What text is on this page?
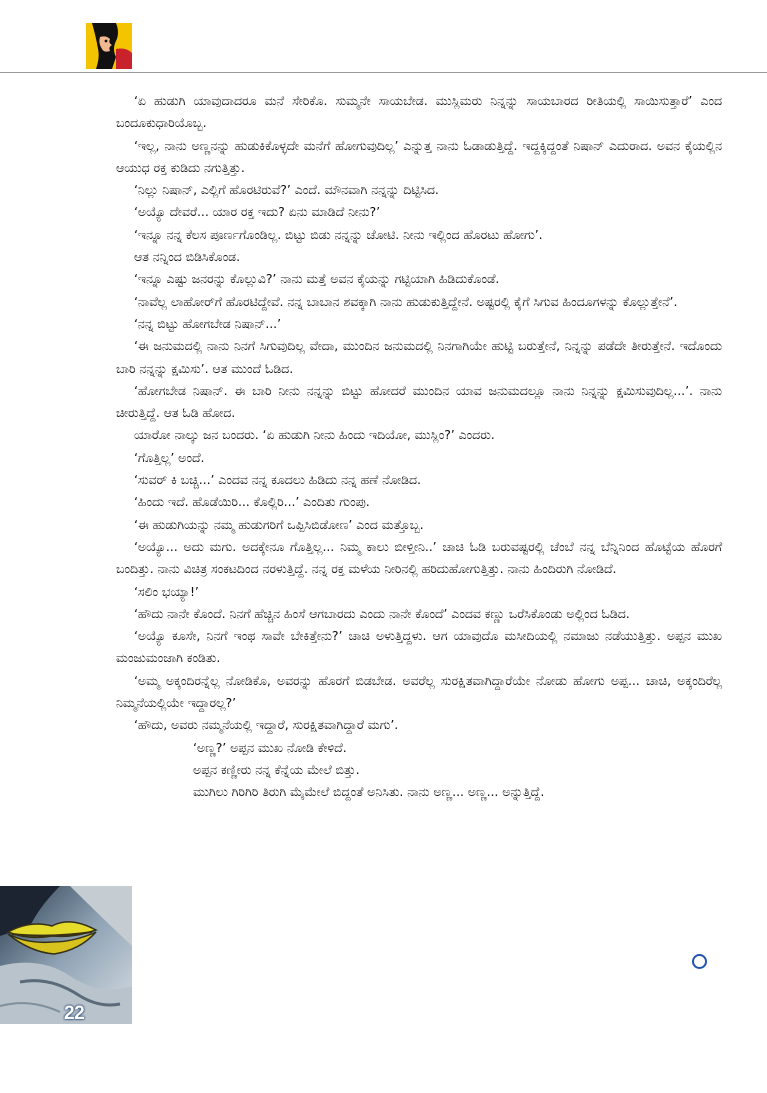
‘ಏ ಹುಡುಗಿ ಯಾವುದಾದರೂ ಮನೆ ಸೇರಿಕೊ. ಸುಮ್ಮನೇ ಸಾಯಬೇಡ. ಮುಸ್ಲಿಮರು ನಿನ್ನನ್ನು ಸಾಯಬಾರದ ರೀತಿಯಲ್ಲಿ ಸಾಯಿಸುತ್ತಾರೆ’ ಎಂದ ಬಂದೂಕುಧಾರಿಯೊಬ್ಬ.

‘ಇಲ್ಲ, ನಾನು ಅಣ್ಣನನ್ನು ಹುಡುಕಿಕೊಳ್ಳದೇ ಮನೆಗೆ ಹೋಗುವುದಿಲ್ಲ’ ಎನ್ನುತ್ತ ನಾನು ಓಡಾಡುತ್ತಿದ್ದೆ. ಇದ್ದಕ್ಕಿದ್ದಂತೆ ನಿಷಾನ್ ಎದುರಾದ. ಅವನ ಕೈಯಲ್ಲಿನ ಆಯುಧ ರಕ್ತ ಕುಡಿದು ನಗುತ್ತಿತ್ತು.

‘ನಿಲ್ಲು ನಿಷಾನ್, ಎಲ್ಲಿಗೆ ಹೊರಟಿರುವೆ?’ ಎಂದೆ. ಮೌನವಾಗಿ ನನ್ನನ್ನು ದಿಟ್ಟಿಸಿದ.

‘ಅಯ್ಯೊ ದೇವರೆ... ಯಾರ ರಕ್ತ ಇದು? ಏನು ಮಾಡಿದೆ ನೀನು?’

‘ಇನ್ನೂ ನನ್ನ ಕೆಲಸ ಪೂರ್ಣಗೊಂಡಿಲ್ಲ. ಬಿಟ್ಟು ಬಿಡು ನನ್ನನ್ನು ಚೋಟಿ. ನೀನು ಇಲ್ಲಿಂದ ಹೊರಟು ಹೋಗು’.

ಆತ ನನ್ನಿಂದ ಬಿಡಿಸಿಕೊಂಡ.

‘ಇನ್ನೂ ಎಷ್ಟು ಜನರನ್ನು ಕೊಲ್ಲುವಿ?’ ನಾನು ಮತ್ತೆ ಅವನ ಕೈಯನ್ನು ಗಟ್ಟಿಯಾಗಿ ಹಿಡಿದುಕೊಂಡೆ.

‘ನಾವೆಲ್ಲ ಲಾಹೋರ್‌ಗೆ ಹೊರಟಿದ್ದೇವೆ. ನನ್ನ ಬಾಬಾನ ಶವಕ್ಕಾಗಿ ನಾನು ಹುಡುಕುತ್ತಿದ್ದೇನೆ. ಅಷ್ಟರಲ್ಲಿ ಕೈಗೆ ಸಿಗುವ ಹಿಂದೂಗಳನ್ನು ಕೊಲ್ಲುತ್ತೇನೆ’.

‘ನನ್ನ ಬಿಟ್ಟು ಹೋಗಬೇಡ ನಿಷಾನ್...’

‘ಈ ಜನುಮದಲ್ಲಿ ನಾನು ನಿನಗೆ ಸಿಗುವುದಿಲ್ಲ ವೇದಾ, ಮುಂದಿನ ಜನುಮದಲ್ಲಿ ನಿನಗಾಗಿಯೇ ಹುಟ್ಟಿ ಬರುತ್ತೇನೆ, ನಿನ್ನನ್ನು ಪಡೆದೇ ತೀರುತ್ತೇನೆ. ಇದೊಂದು ಬಾರಿ ನನ್ನನ್ನು ಕ್ಷಮಿಸು’. ಆತ ಮುಂದೆ ಓಡಿದ.

‘ಹೋಗಬೇಡ ನಿಷಾನ್. ಈ ಬಾರಿ ನೀನು ನನ್ನನ್ನು ಬಿಟ್ಟು ಹೋದರೆ ಮುಂದಿನ ಯಾವ ಜನುಮದಲ್ಲೂ ನಾನು ನಿನ್ನನ್ನು ಕ್ಷಮಿಸುವುದಿಲ್ಲ...’. ನಾನು ಚೀರುತ್ತಿದ್ದೆ. ಆತ ಓಡಿ ಹೋದ.

ಯಾರೋ ನಾಲ್ಕು ಜನ ಬಂದರು. ‘ಏ ಹುಡುಗಿ ನೀನು ಹಿಂದು ಇದಿಯೋ, ಮುಸ್ಲಿಂ?’ ಎಂದರು.

‘ಗೊತ್ತಿಲ್ಲ’ ಅಂದೆ.

‘ಸುವರ್ ಕಿ ಬಚ್ಚಿ...’ ಎಂದವ ನನ್ನ ಕೂದಲು ಹಿಡಿದು ನನ್ನ ಹಣೆ ನೋಡಿದ.

‘ಹಿಂದು ಇದೆ. ಹೊಡೆಯಿರಿ... ಕೊಲ್ಲಿರಿ...’ ಎಂದಿತು ಗುಂಪು.

‘ಈ ಹುಡುಗಿಯನ್ನು ನಮ್ಮ ಹುಡುಗರಿಗೆ ಒಪ್ಪಿಸಿಬಿಡೋಣ’ ಎಂದ ಮತ್ತೊಬ್ಬ.

‘ಅಯ್ಯೊ... ಅದು ಮಗು. ಅದಕ್ಕೇನೂ ಗೊತ್ತಿಲ್ಲ... ನಿಮ್ಮ ಕಾಲು ಬೀಳ್ತೀನಿ..’ ಚಾಚಿ ಓಡಿ ಬರುವಷ್ಟರಲ್ಲಿ ಚೆಂಬೆ ನನ್ನ ಬೆನ್ನಿನಿಂದ ಹೊಟ್ಟೆಯ ಹೊರಗೆ ಬಂದಿತ್ತು. ನಾನು ವಿಚಿತ್ರ ಸಂಕಟದಿಂದ ನರಳುತ್ತಿದ್ದೆ. ನನ್ನ ರಕ್ತ ಮಳೆಯ ನೀರಿನಲ್ಲಿ ಹರಿದುಹೋಗುತ್ತಿತ್ತು. ನಾನು ಹಿಂದಿರುಗಿ ನೋಡಿದೆ.

‘ಸಲಿಂ ಭಯ್ಯಾ!’

‘ಹೌದು ನಾನೇ ಕೊಂದೆ. ನಿನಗೆ ಹೆಚ್ಚಿನ ಹಿಂಸೆ ಆಗಬಾರದು ಎಂದು ನಾನೇ ಕೊಂದೆ’ ಎಂದವ ಕಣ್ಣು ಒರೆಸಿಕೊಂಡು ಅಲ್ಲಿಂದ ಓಡಿದ.

‘ಅಯ್ಯೊ ಕೂಸೇ, ನಿನಗೆ ಇಂಥ ಸಾವೇ ಬೇಕಿತ್ತೇನು?’ ಚಾಚಿ ಅಳುತ್ತಿದ್ದಳು. ಆಗ ಯಾವುದೊ ಮಸೀದಿಯಲ್ಲಿ ನಮಾಜು ನಡೆಯುತ್ತಿತ್ತು. ಅಪ್ಪನ ಮುಖ ಮಂಜುಮಂಜಾಗಿ ಕಂಡಿತು.

‘ಅಮ್ಮ ಅಕ್ಕಂದಿರನ್ನೆಲ್ಲ ನೋಡಿಕೊ, ಅವರನ್ನು ಹೊರಗೆ ಬಿಡಬೇಡ. ಅವರೆಲ್ಲ ಸುರಕ್ಷಿತವಾಗಿದ್ದಾರೆಯೇ ನೋಡು ಹೋಗು ಅಪ್ಪ... ಚಾಚಿ, ಅಕ್ಕಂದಿರೆಲ್ಲ ನಿಮ್ಮನೆಯಲ್ಲಿಯೇ ಇದ್ದಾರಲ್ಲ?’

‘ಹೌದು, ಅವರು ನಮ್ಮನೆಯಲ್ಲಿ ಇದ್ದಾರೆ, ಸುರಕ್ಷಿತವಾಗಿದ್ದಾರೆ ಮಗು’.

‘ಅಣ್ಣ?’ ಅಪ್ಪನ ಮುಖ ನೋಡಿ ಕೇಳಿದೆ.

ಅಪ್ಪನ ಕಣ್ಣೀರು ನನ್ನ ಕೆನ್ನೆಯ ಮೇಲೆ ಬಿತ್ತು.

ಮುಗಿಲು ಗಿರಿಗಿರಿ ತಿರುಗಿ ಮೈಮೇಲೆ ಬಿದ್ದಂತೆ ಅನಿಸಿತು. ನಾನು ಅಣ್ಣ... ಅಣ್ಣ... ಅನ್ನುತ್ತಿದ್ದೆ.

22
